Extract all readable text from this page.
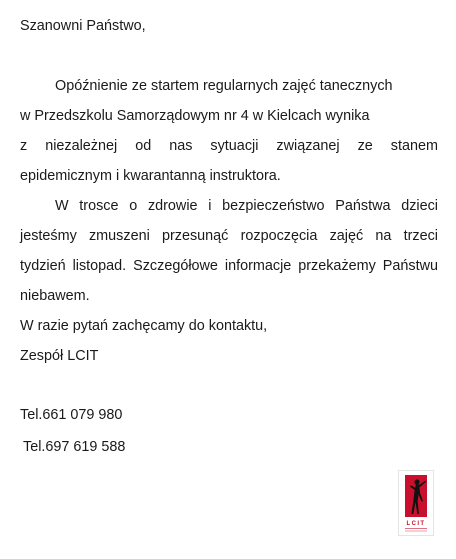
Szanowni Państwo,
Opóźnienie ze startem regularnych zajęć tanecznych
w Przedszkolu Samorządowym nr 4 w Kielcach wynika
z niezależnej od nas sytuacji związanej ze stanem
epidemicznym i kwarantanną instruktora.
W trosce o zdrowie i bezpieczeństwo Państwa dzieci
jesteśmy zmuszeni przesunąć rozpoczęcia zajęć na trzeci
tydzień listopad. Szczegółowe informacje przekażemy Państwu
niebawem.
W razie pytań zachęcamy do kontaktu,
Zespół LCIT
Tel.661 079 980
Tel.697 619 588
LCIT
